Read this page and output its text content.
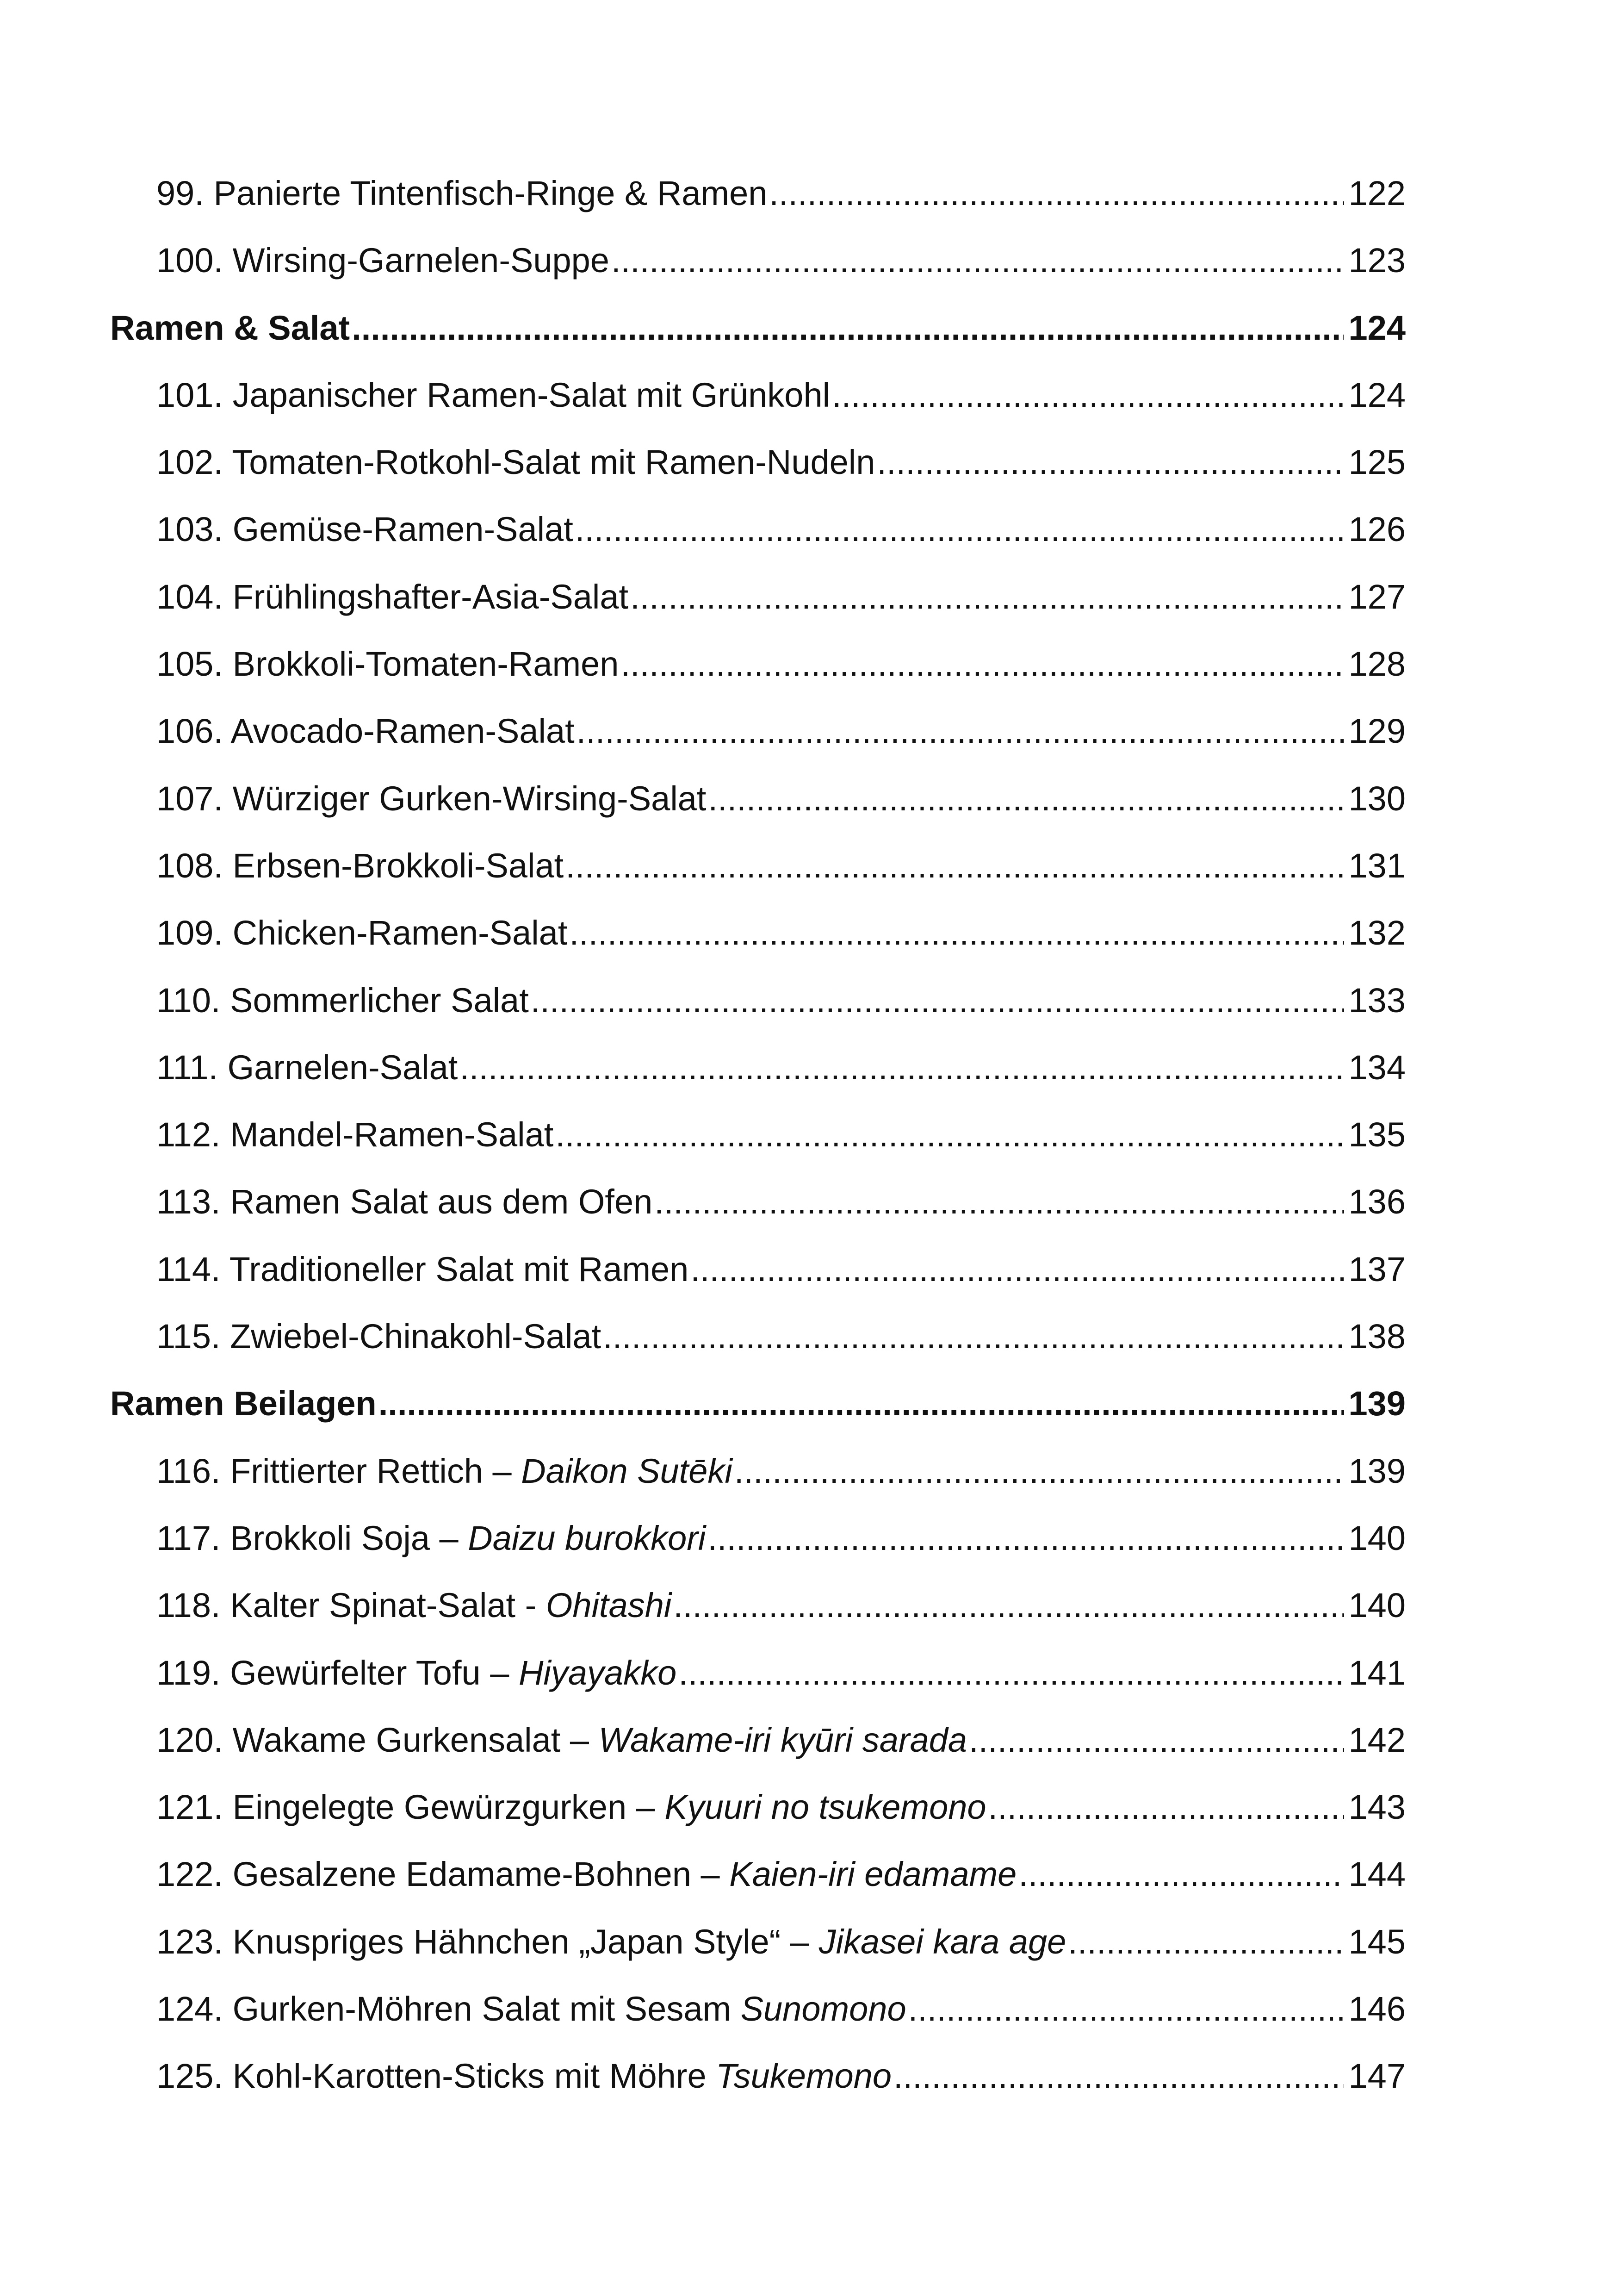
99. Panierte Tintenfisch-Ringe & Ramen .....	122
100. Wirsing-Garnelen-Suppe .....	123
Ramen & Salat .....	124
101. Japanischer Ramen-Salat mit Grünkohl .....	124
102. Tomaten-Rotkohl-Salat mit Ramen-Nudeln .....	125
103. Gemüse-Ramen-Salat .....	126
104. Frühlingshafter-Asia-Salat .....	127
105. Brokkoli-Tomaten-Ramen .....	128
106. Avocado-Ramen-Salat .....	129
107. Würziger Gurken-Wirsing-Salat .....	130
108. Erbsen-Brokkoli-Salat .....	131
109. Chicken-Ramen-Salat .....	132
110. Sommerlicher Salat .....	133
111. Garnelen-Salat .....	134
112. Mandel-Ramen-Salat .....	135
113. Ramen Salat aus dem Ofen .....	136
114. Traditioneller Salat mit Ramen .....	137
115. Zwiebel-Chinakohl-Salat .....	138
Ramen Beilagen .....	139
116. Frittierter Rettich – Daikon Sutēki .....	139
117. Brokkoli Soja – Daizu burokkori .....	140
118. Kalter Spinat-Salat - Ohitashi .....	140
119. Gewürfelter Tofu – Hiyayakko .....	141
120. Wakame Gurkensalat – Wakame-iri kyūri sarada .....	142
121. Eingelegte Gewürzgurken – Kyuuri no tsukemono .....	143
122. Gesalzene Edamame-Bohnen – Kaien-iri edamame .....	144
123. Knuspriges Hähnchen „Japan Style“ – Jikasei kara age .....	145
124. Gurken-Möhren Salat mit Sesam Sunomono .....	146
125. Kohl-Karotten-Sticks mit Möhre Tsukemono .....	147
